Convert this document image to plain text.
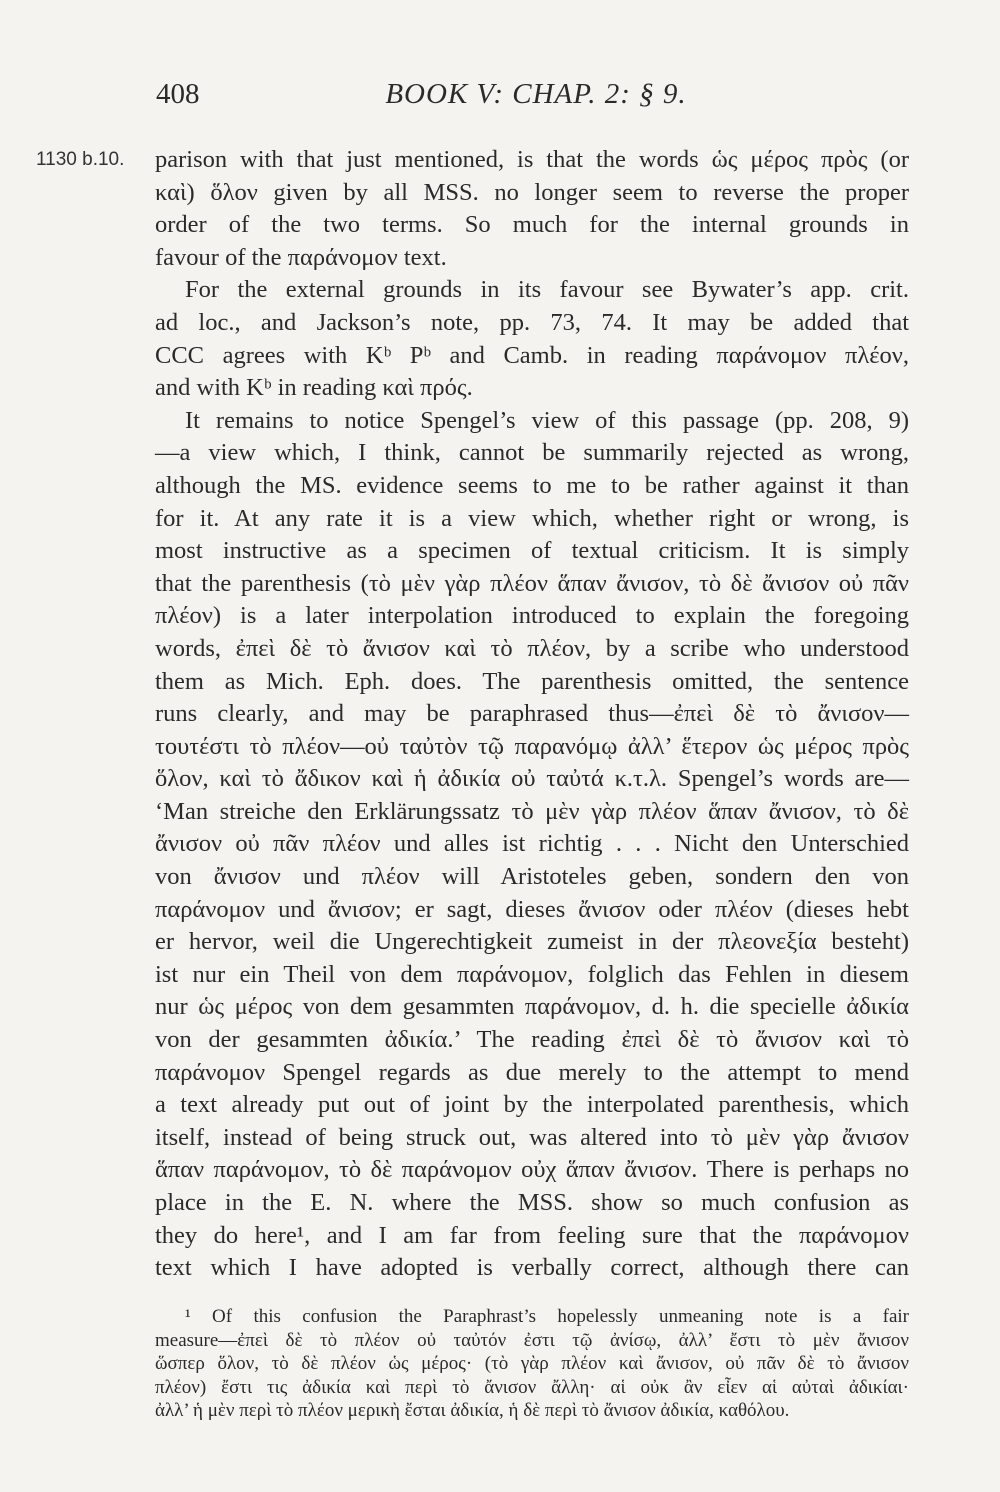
408	BOOK V: CHAP. 2: § 9.
1130 b.10. parison with that just mentioned, is that the words ὡς μέρος πρὸς (or
καὶ) ὅλον given by all MSS. no longer seem to reverse the proper
order of the two terms. So much for the internal grounds in
favour of the παράνομον text.
For the external grounds in its favour see Bywater’s app. crit.
ad loc., and Jackson’s note, pp. 73, 74. It may be added that
CCC agrees with Kᵇ Pᵇ and Camb. in reading παράνομον πλέον,
and with Kᵇ in reading καὶ πρός.
It remains to notice Spengel’s view of this passage (pp. 208, 9)
—a view which, I think, cannot be summarily rejected as wrong,
although the MS. evidence seems to me to be rather against it than
for it. At any rate it is a view which, whether right or wrong, is
most instructive as a specimen of textual criticism. It is simply
that the parenthesis (τὸ μὲν γὰρ πλέον ἅπαν ἄνισον, τὸ δὲ ἄνισον οὐ πᾶν
πλέον) is a later interpolation introduced to explain the foregoing
words, ἐπεὶ δὲ τὸ ἄνισον καὶ τὸ πλέον, by a scribe who understood
them as Mich. Eph. does. The parenthesis omitted, the sentence
runs clearly, and may be paraphrased thus—ἐπεὶ δὲ τὸ ἄνισον—
τουτέστι τὸ πλέον—οὐ ταὐτὸν τῷ παρανόμῳ ἀλλ’ ἕτερον ὡς μέρος πρὸς
ὅλον, καὶ τὸ ἄδικον καὶ ἡ ἀδικία οὐ ταὐτά κ.τ.λ. Spengel’s words are—
‘Man streiche den Erklärungssatz τὸ μὲν γὰρ πλέον ἅπαν ἄνισον, τὸ δὲ
ἄνισον οὐ πᾶν πλέον und alles ist richtig . . . Nicht den Unterschied
von ἄνισον und πλέον will Aristoteles geben, sondern den von
παράνομον und ἄνισον; er sagt, dieses ἄνισον oder πλέον (dieses hebt
er hervor, weil die Ungerechtigkeit zumeist in der πλεονεξία besteht)
ist nur ein Theil von dem παράνομον, folglich das Fehlen in diesem
nur ὡς μέρος von dem gesammten παράνομον, d. h. die specielle ἀδικία
von der gesammten ἀδικία.’ The reading ἐπεὶ δὲ τὸ ἄνισον καὶ τὸ
παράνομον Spengel regards as due merely to the attempt to mend
a text already put out of joint by the interpolated parenthesis, which
itself, instead of being struck out, was altered into τὸ μὲν γὰρ ἄνισον
ἅπαν παράνομον, τὸ δὲ παράνομον οὐχ ἅπαν ἄνισον. There is perhaps no
place in the E. N. where the MSS. show so much confusion as
they do here¹, and I am far from feeling sure that the παράνομον
text which I have adopted is verbally correct, although there can
¹ Of this confusion the Paraphrast’s hopelessly unmeaning note is a fair
measure—ἐπεὶ δὲ τὸ πλέον οὐ ταὐτόν ἐστι τῷ ἀνίσῳ, ἀλλ’ ἔστι τὸ μὲν ἄνισον
ὥσπερ ὅλον, τὸ δὲ πλέον ὡς μέρος· (τὸ γὰρ πλέον καὶ ἄνισον, οὐ πᾶν δὲ τὸ ἄνισον
πλέον) ἔστι τις ἀδικία καὶ περὶ τὸ ἄνισον ἄλλη· αἱ οὐκ ἂν εἶεν αἱ αὐταὶ ἀδικίαι·
ἀλλ’ ἡ μὲν περὶ τὸ πλέον μερικὴ ἔσται ἀδικία, ἡ δὲ περὶ τὸ ἄνισον ἀδικία, καθόλου.
